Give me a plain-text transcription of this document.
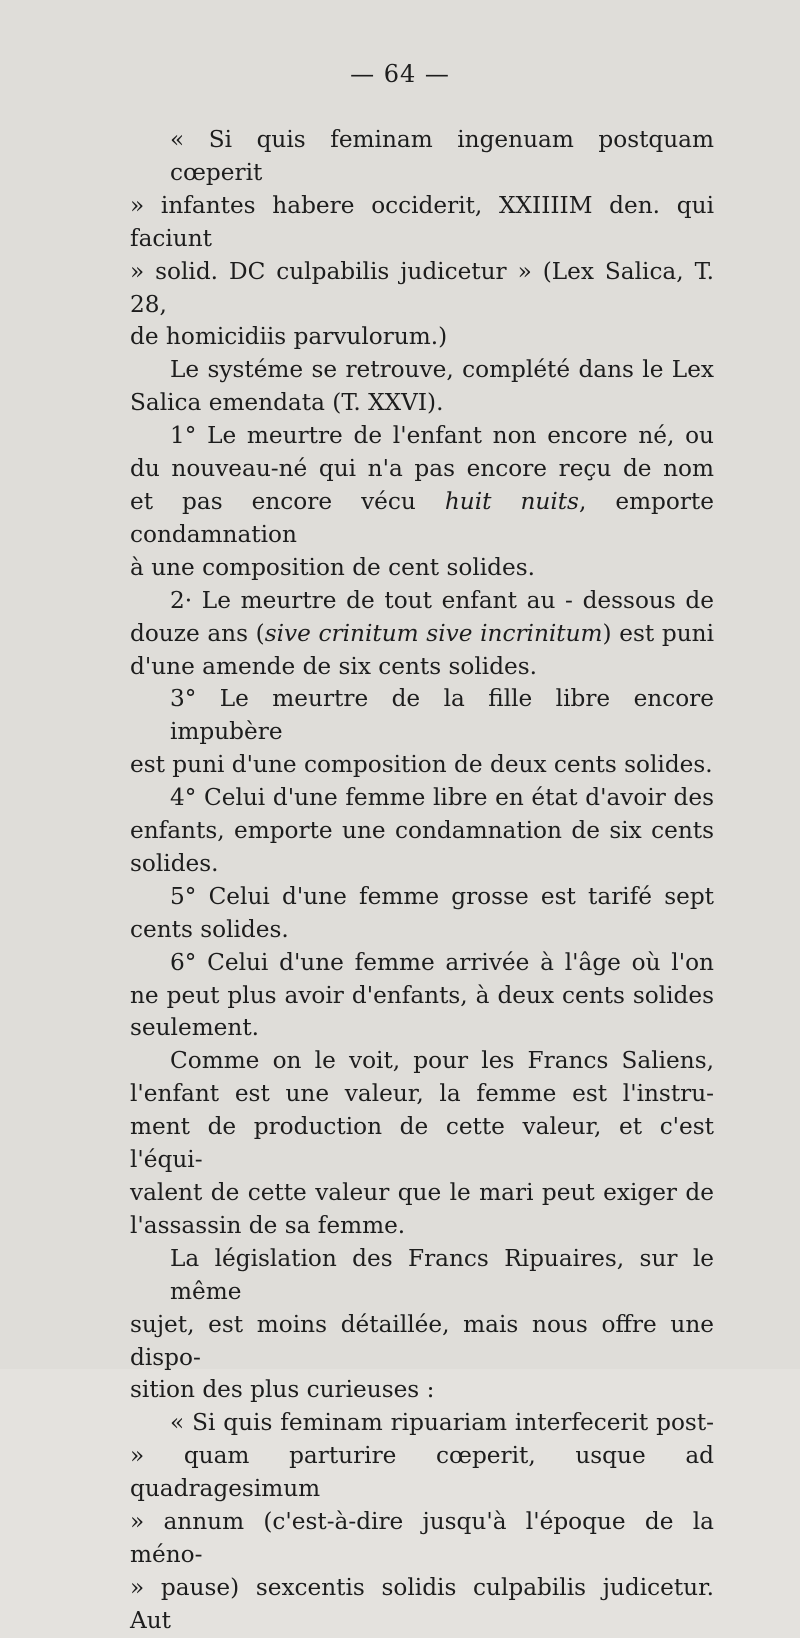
— 64 —
« Si quis feminam ingenuam postquam cœperit
» infantes habere occiderit, XXIIIIM den. qui faciunt
» solid. DC culpabilis judicetur » (Lex Salica, T. 28,
de homicidiis parvulorum.)
Le systéme se retrouve, complété dans le Lex
Salica emendata (T. XXVI).
1° Le meurtre de l'enfant non encore né, ou
du nouveau-né qui n'a pas encore reçu de nom
et pas encore vécu huit nuits, emporte condamnation
à une composition de cent solides.
2· Le meurtre de tout enfant au - dessous de
douze ans (sive crinitum sive incrinitum) est puni
d'une amende de six cents solides.
3° Le meurtre de la fille libre encore impubère
est puni d'une composition de deux cents solides.
4° Celui d'une femme libre en état d'avoir des
enfants, emporte une condamnation de six cents
solides.
5° Celui d'une femme grosse est tarifé sept
cents solides.
6° Celui d'une femme arrivée à l'âge où l'on
ne peut plus avoir d'enfants, à deux cents solides
seulement.
Comme on le voit, pour les Francs Saliens,
l'enfant est une valeur, la femme est l'instru-
ment de production de cette valeur, et c'est l'équi-
valent de cette valeur que le mari peut exiger de
l'assassin de sa femme.
La législation des Francs Ripuaires, sur le même
sujet, est moins détaillée, mais nous offre une dispo-
sition des plus curieuses :
« Si quis feminam ripuariam interfecerit post-
» quam parturire cœperit, usque ad quadragesimum
» annum (c'est-à-dire jusqu'à l'époque de la méno-
» pause) sexcentis solidis culpabilis judicetur. Aut
